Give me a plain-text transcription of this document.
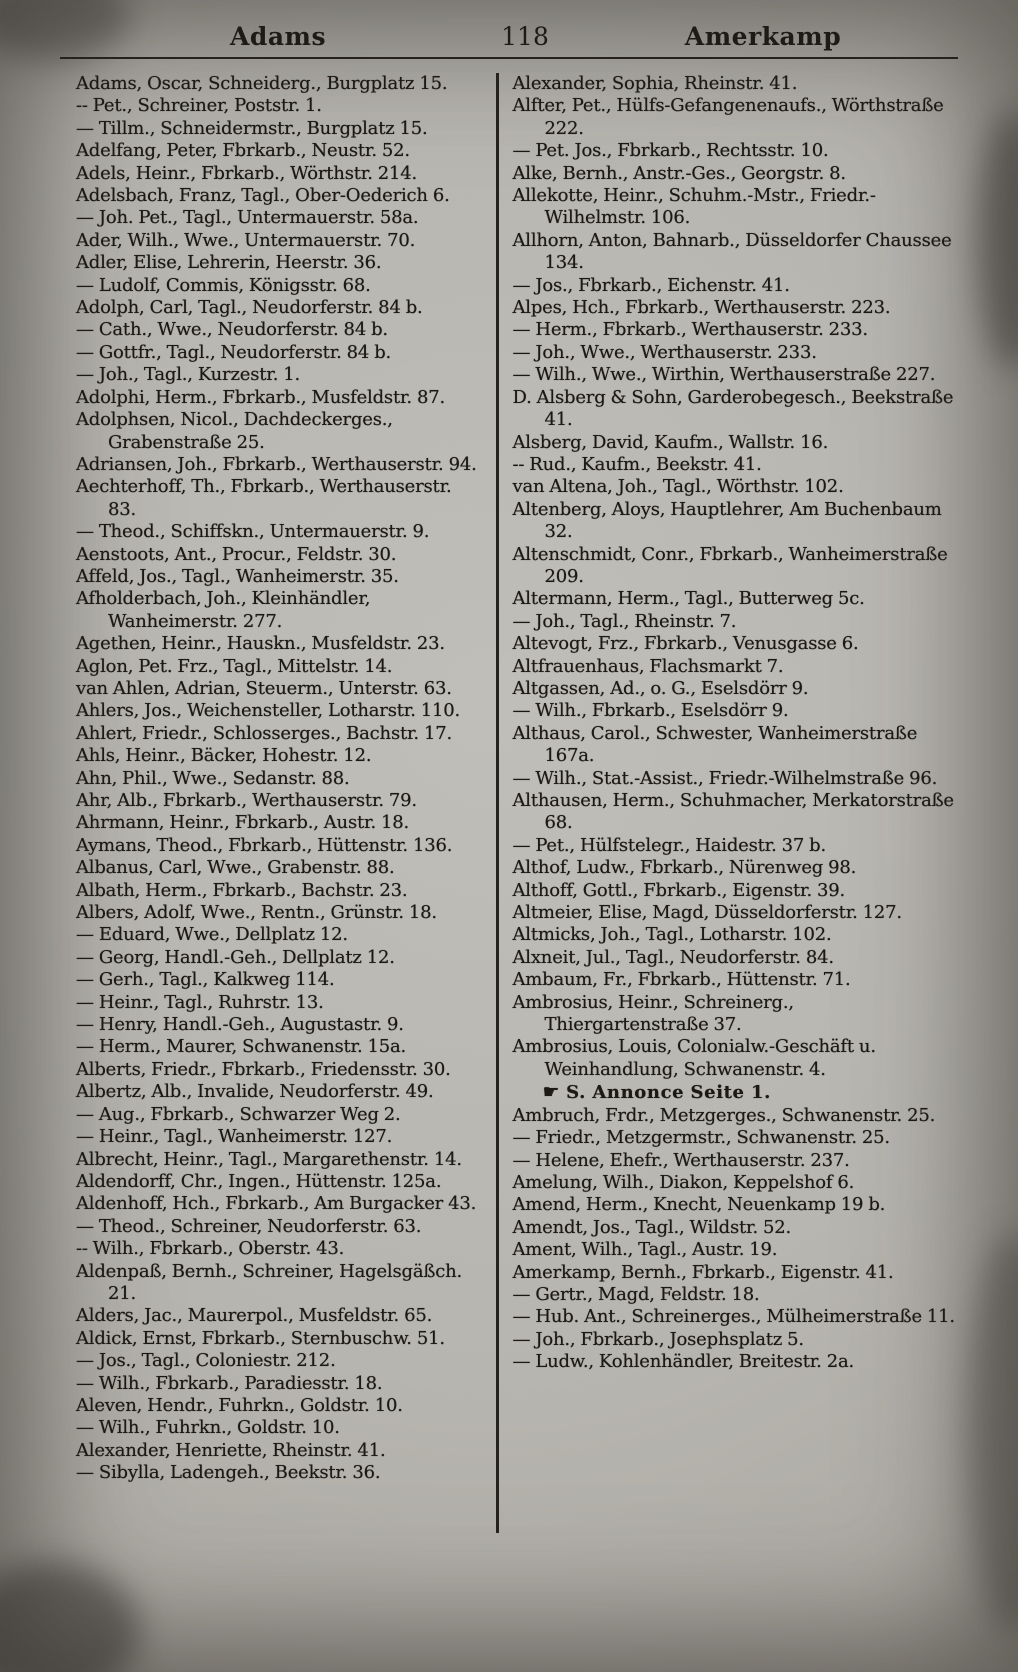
Adams	118	Amerkamp

Adams, Oscar, Schneiderg., Burgplatz 15.

-- Pet., Schreiner, Poststr. 1.

— Tillm., Schneidermstr., Burgplatz 15.

Adelfang, Peter, Fbrkarb., Neustr. 52.

Adels, Heinr., Fbrkarb., Wörthstr. 214.

Adelsbach, Franz, Tagl., Ober-Oederich 6.

— Joh. Pet., Tagl., Untermauerstr. 58a.

Ader, Wilh., Wwe., Untermauerstr. 70.

Adler, Elise, Lehrerin, Heerstr. 36.

— Ludolf, Commis, Königsstr. 68.

Adolph, Carl, Tagl., Neudorferstr. 84 b.

— Cath., Wwe., Neudorferstr. 84 b.

— Gottfr., Tagl., Neudorferstr. 84 b.

— Joh., Tagl., Kurzestr. 1.

Adolphi, Herm., Fbrkarb., Musfeldstr. 87.

Adolphsen, Nicol., Dachdeckerges., Grabenstraße 25.

Adriansen, Joh., Fbrkarb., Werthauserstr. 94.

Aechterhoff, Th., Fbrkarb., Werthauserstr. 83.

— Theod., Schiffskn., Untermauerstr. 9.

Aenstoots, Ant., Procur., Feldstr. 30.

Affeld, Jos., Tagl., Wanheimerstr. 35.

Afholderbach, Joh., Kleinhändler, Wanheimerstr. 277.

Agethen, Heinr., Hauskn., Musfeldstr. 23.

Aglon, Pet. Frz., Tagl., Mittelstr. 14.

van Ahlen, Adrian, Steuerm., Unterstr. 63.

Ahlers, Jos., Weichensteller, Lotharstr. 110.

Ahlert, Friedr., Schlosserges., Bachstr. 17.

Ahls, Heinr., Bäcker, Hohestr. 12.

Ahn, Phil., Wwe., Sedanstr. 88.

Ahr, Alb., Fbrkarb., Werthauserstr. 79.

Ahrmann, Heinr., Fbrkarb., Austr. 18.

Aymans, Theod., Fbrkarb., Hüttenstr. 136.

Albanus, Carl, Wwe., Grabenstr. 88.

Albath, Herm., Fbrkarb., Bachstr. 23.

Albers, Adolf, Wwe., Rentn., Grünstr. 18.

— Eduard, Wwe., Dellplatz 12.

— Georg, Handl.-Geh., Dellplatz 12.

— Gerh., Tagl., Kalkweg 114.

— Heinr., Tagl., Ruhrstr. 13.

— Henry, Handl.-Geh., Augustastr. 9.

— Herm., Maurer, Schwanenstr. 15a.

Alberts, Friedr., Fbrkarb., Friedensstr. 30.

Albertz, Alb., Invalide, Neudorferstr. 49.

— Aug., Fbrkarb., Schwarzer Weg 2.

— Heinr., Tagl., Wanheimerstr. 127.

Albrecht, Heinr., Tagl., Margarethenstr. 14.

Aldendorff, Chr., Ingen., Hüttenstr. 125a.

Aldenhoff, Hch., Fbrkarb., Am Burgacker 43.

— Theod., Schreiner, Neudorferstr. 63.

-- Wilh., Fbrkarb., Oberstr. 43.

Aldenpaß, Bernh., Schreiner, Hagelsgäßch. 21.

Alders, Jac., Maurerpol., Musfeldstr. 65.

Aldick, Ernst, Fbrkarb., Sternbuschw. 51.

— Jos., Tagl., Coloniestr. 212.

— Wilh., Fbrkarb., Paradiesstr. 18.

Aleven, Hendr., Fuhrkn., Goldstr. 10.

— Wilh., Fuhrkn., Goldstr. 10.

Alexander, Henriette, Rheinstr. 41.

— Sibylla, Ladengeh., Beekstr. 36.

Alexander, Sophia, Rheinstr. 41.

Alfter, Pet., Hülfs-Gefangenenaufs., Wörthstraße 222.

— Pet. Jos., Fbrkarb., Rechtsstr. 10.

Alke, Bernh., Anstr.-Ges., Georgstr. 8.

Allekotte, Heinr., Schuhm.-Mstr., Friedr.-Wilhelmstr. 106.

Allhorn, Anton, Bahnarb., Düsseldorfer Chaussee 134.

— Jos., Fbrkarb., Eichenstr. 41.

Alpes, Hch., Fbrkarb., Werthauserstr. 223.

— Herm., Fbrkarb., Werthauserstr. 233.

— Joh., Wwe., Werthauserstr. 233.

— Wilh., Wwe., Wirthin, Werthauserstraße 227.

D. Alsberg & Sohn, Garderobegesch., Beekstraße 41.

Alsberg, David, Kaufm., Wallstr. 16.

-- Rud., Kaufm., Beekstr. 41.

van Altena, Joh., Tagl., Wörthstr. 102.

Altenberg, Aloys, Hauptlehrer, Am Buchenbaum 32.

Altenschmidt, Conr., Fbrkarb., Wanheimerstraße 209.

Altermann, Herm., Tagl., Butterweg 5c.

— Joh., Tagl., Rheinstr. 7.

Altevogt, Frz., Fbrkarb., Venusgasse 6.

Altfrauenhaus, Flachsmarkt 7.

Altgassen, Ad., o. G., Eselsdörr 9.

— Wilh., Fbrkarb., Eselsdörr 9.

Althaus, Carol., Schwester, Wanheimerstraße 167a.

— Wilh., Stat.-Assist., Friedr.-Wilhelmstraße 96.

Althausen, Herm., Schuhmacher, Merkatorstraße 68.

— Pet., Hülfstelegr., Haidestr. 37 b.

Althof, Ludw., Fbrkarb., Nürenweg 98.

Althoff, Gottl., Fbrkarb., Eigenstr. 39.

Altmeier, Elise, Magd, Düsseldorferstr. 127.

Altmicks, Joh., Tagl., Lotharstr. 102.

Alxneit, Jul., Tagl., Neudorferstr. 84.

Ambaum, Fr., Fbrkarb., Hüttenstr. 71.

Ambrosius, Heinr., Schreinerg., Thiergartenstraße 37.

Ambrosius, Louis, Colonialw.-Geschäft u. Weinhandlung, Schwanenstr. 4.

☛ S. Annonce Seite 1.

Ambruch, Frdr., Metzgerges., Schwanenstr. 25.

— Friedr., Metzgermstr., Schwanenstr. 25.

— Helene, Ehefr., Werthauserstr. 237.

Amelung, Wilh., Diakon, Keppelshof 6.

Amend, Herm., Knecht, Neuenkamp 19 b.

Amendt, Jos., Tagl., Wildstr. 52.

Ament, Wilh., Tagl., Austr. 19.

Amerkamp, Bernh., Fbrkarb., Eigenstr. 41.

— Gertr., Magd, Feldstr. 18.

— Hub. Ant., Schreinerges., Mülheimerstraße 11.

— Joh., Fbrkarb., Josephsplatz 5.

— Ludw., Kohlenhändler, Breitestr. 2a.
